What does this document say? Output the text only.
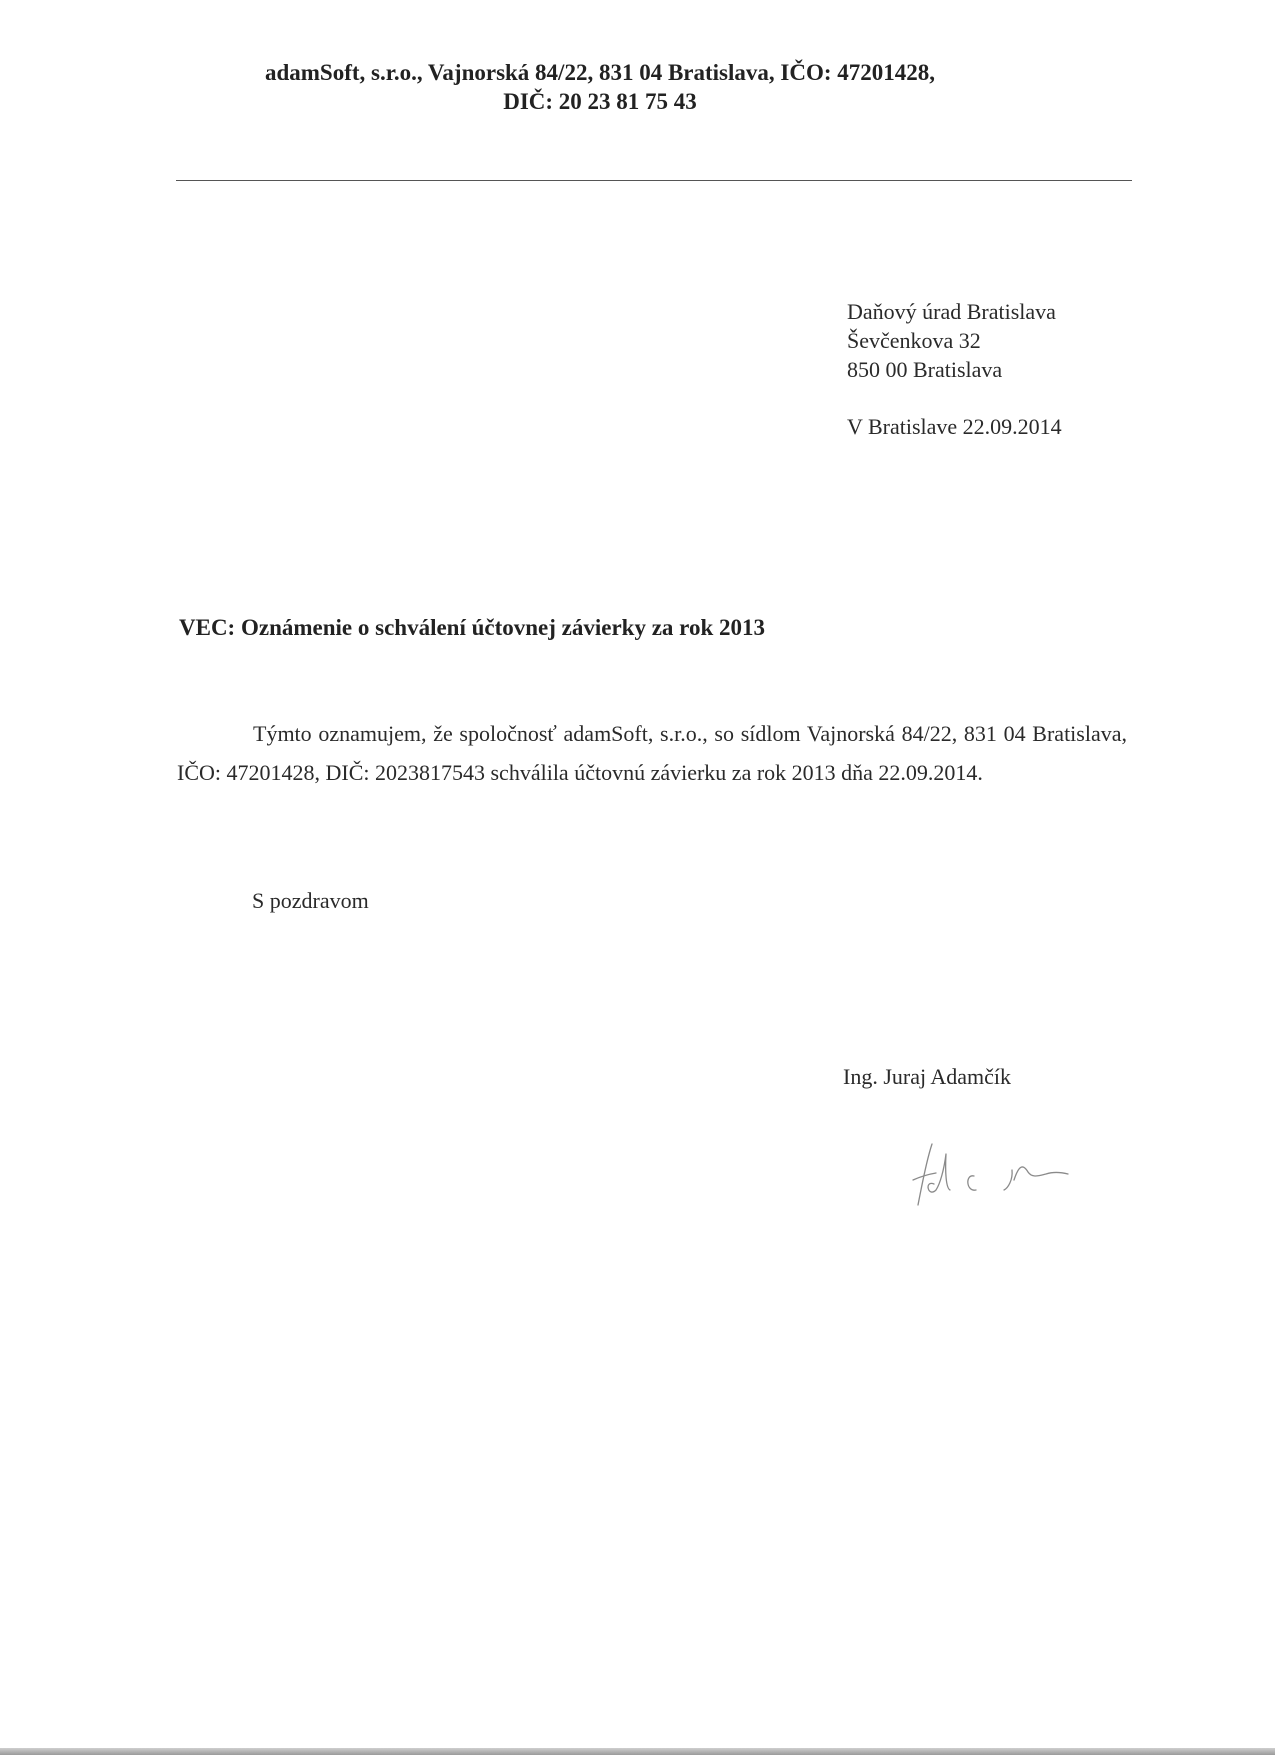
adamSoft, s.r.o., Vajnorská 84/22, 831 04 Bratislava, IČO: 47201428,
DIČ: 20 23 81 75 43
Daňový úrad Bratislava
Ševčenkova 32
850 00 Bratislava
V Bratislave 22.09.2014
VEC: Oznámenie o schválení účtovnej závierky za rok 2013
Týmto oznamujem, že spoločnosť adamSoft, s.r.o., so sídlom Vajnorská 84/22, 831 04 Bratislava, IČO: 47201428, DIČ: 2023817543 schválila účtovnú závierku za rok 2013 dňa 22.09.2014.
S pozdravom
Ing. Juraj Adamčík
